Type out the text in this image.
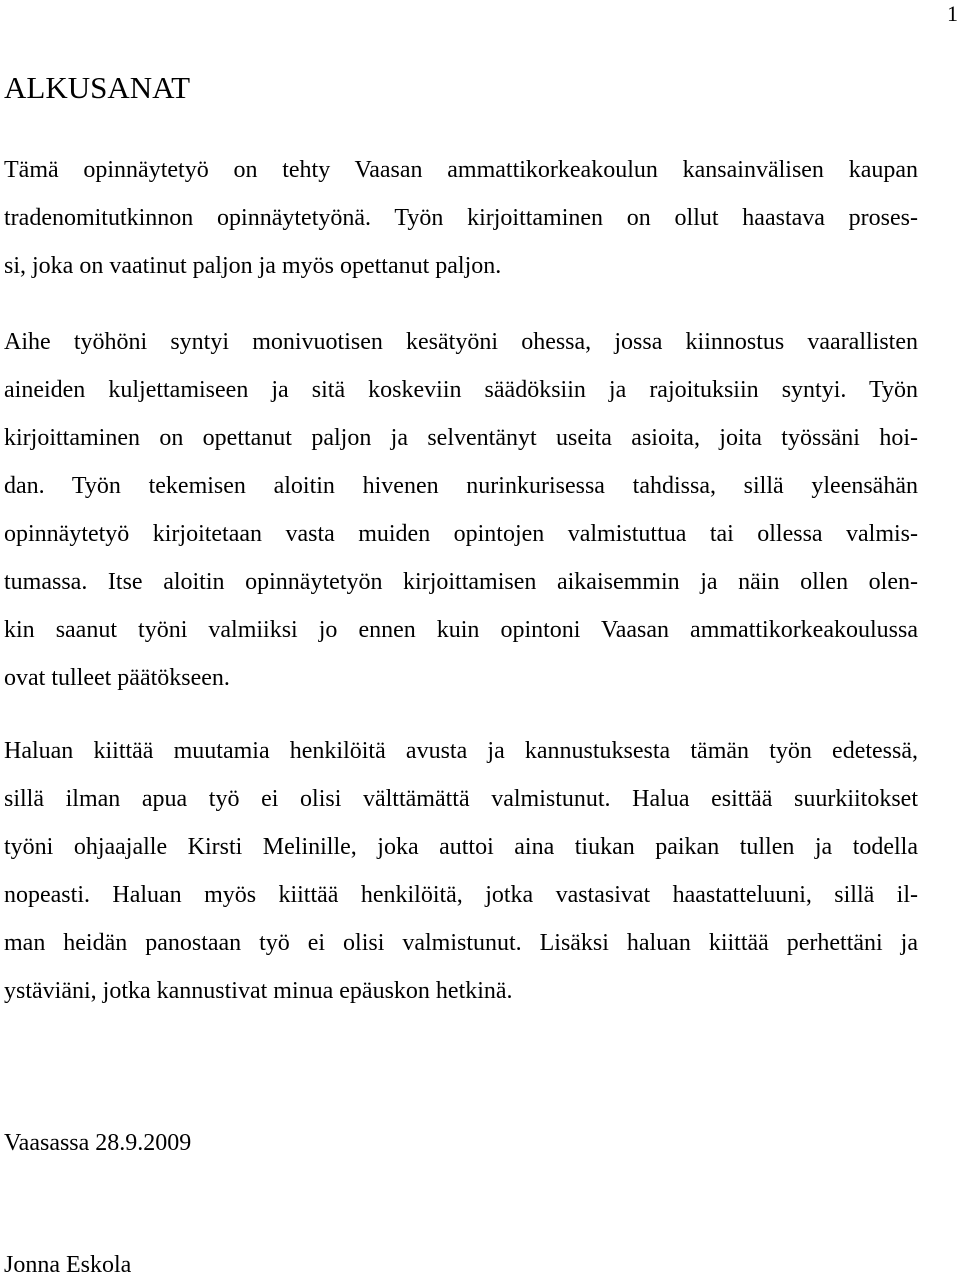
1
ALKUSANAT

Tämä opinnäytetyö on tehty Vaasan ammattikorkeakoulun kansainvälisen kaupan
tradenomitutkinnon opinnäytetyönä. Työn kirjoittaminen on ollut haastava proses-
si, joka on vaatinut paljon ja myös opettanut paljon.

Aihe työhöni syntyi monivuotisen kesätyöni ohessa, jossa kiinnostus vaarallisten
aineiden kuljettamiseen ja sitä koskeviin säädöksiin ja rajoituksiin syntyi. Työn
kirjoittaminen on opettanut paljon ja selventänyt useita asioita, joita työssäni hoi-
dan. Työn tekemisen aloitin hivenen nurinkurisessa tahdissa, sillä yleensähän
opinnäytetyö kirjoitetaan vasta muiden opintojen valmistuttua tai ollessa valmis-
tumassa. Itse aloitin opinnäytetyön kirjoittamisen aikaisemmin ja näin ollen olen-
kin saanut työni valmiiksi jo ennen kuin opintoni Vaasan ammattikorkeakoulussa
ovat tulleet päätökseen.

Haluan kiittää muutamia henkilöitä avusta ja kannustuksesta tämän työn edetessä,
sillä ilman apua työ ei olisi välttämättä valmistunut. Halua esittää suurkiitokset
työni ohjaajalle Kirsti Melinille, joka auttoi aina tiukan paikan tullen ja todella
nopeasti. Haluan myös kiittää henkilöitä, jotka vastasivat haastatteluuni, sillä il-
man heidän panostaan työ ei olisi valmistunut. Lisäksi haluan kiittää perhettäni ja
ystäviäni, jotka kannustivat minua epäuskon hetkinä.

Vaasassa 28.9.2009

Jonna Eskola
